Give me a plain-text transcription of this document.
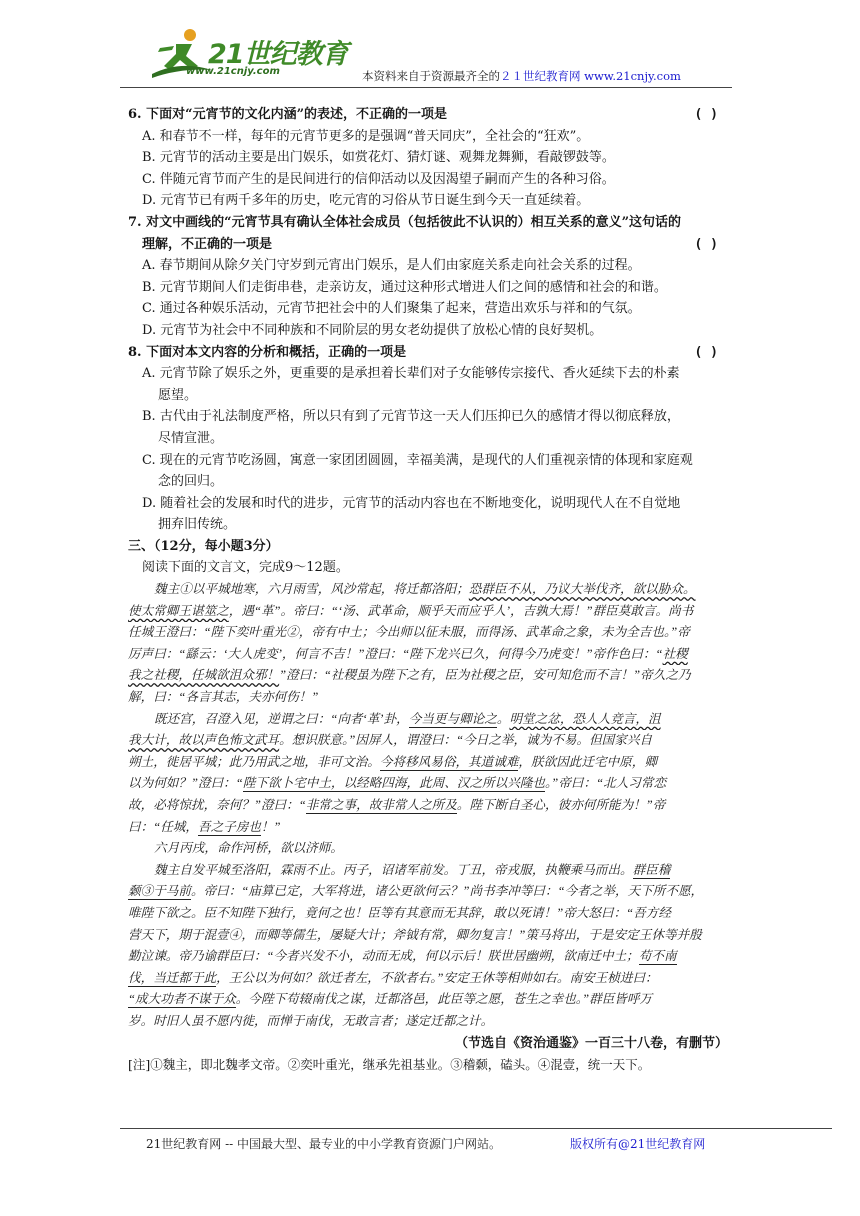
21世纪教育
www.21cnjy.com	本资料来自于资源最齐全的２１世纪教育网 www.21cnjy.com
6. 下面对“元宵节的文化内涵”的表述，不正确的一项是	( )
A. 和春节不一样，每年的元宵节更多的是强调“普天同庆”，全社会的“狂欢”。
B. 元宵节的活动主要是出门娱乐，如赏花灯、猜灯谜、观舞龙舞狮，看敲锣鼓等。
C. 伴随元宵节而产生的是民间进行的信仰活动以及因渴望子嗣而产生的各种习俗。
D. 元宵节已有两千多年的历史，吃元宵的习俗从节日诞生到今天一直延续着。
7. 对文中画线的“元宵节具有确认全体社会成员（包括彼此不认识的）相互关系的意义”这句话的
理解，不正确的一项是	( )
A. 春节期间从除夕关门守岁到元宵出门娱乐，是人们由家庭关系走向社会关系的过程。
B. 元宵节期间人们走街串巷，走亲访友，通过这种形式增进人们之间的感情和社会的和谐。
C. 通过各种娱乐活动，元宵节把社会中的人们聚集了起来，营造出欢乐与祥和的气氛。
D. 元宵节为社会中不同种族和不同阶层的男女老幼提供了放松心情的良好契机。
8. 下面对本文内容的分析和概括，正确的一项是	( )
A. 元宵节除了娱乐之外，更重要的是承担着长辈们对子女能够传宗接代、香火延续下去的朴素
愿望。
B. 古代由于礼法制度严格，所以只有到了元宵节这一天人们压抑已久的感情才得以彻底释放，
尽情宣泄。
C. 现在的元宵节吃汤圆，寓意一家团团圆圆，幸福美满，是现代的人们重视亲情的体现和家庭观
念的回归。
D. 随着社会的发展和时代的进步，元宵节的活动内容也在不断地变化，说明现代人在不自觉地
拥弃旧传统。
三、（12分，每小题3分）
阅读下面的文言文，完成9～12题。
魏主①以平城地寒，六月雨雪，风沙常起，将迁都洛阳；恐群臣不从，乃议大举伐齐，欲以胁众。
使太常卿王谌筮之，遇“革”。帝曰：“‘汤、武革命，顺乎天而应乎人’，吉孰大焉！”群臣莫敢言。尚书
任城王澄曰：“陛下奕叶重光②，帝有中土；今出师以征未服，而得汤、武革命之象，未为全吉也。”帝
厉声曰：“繇云：‘大人虎变’，何言不吉！”澄曰：“陛下龙兴已久，何得今乃虎变！”帝作色曰：“社稷
我之社稷，任城欲沮众邪！”澄曰：“社稷虽为陛下之有，臣为社稷之臣，安可知危而不言！”帝久之乃
解，曰：“各言其志，夫亦何伤！”
既还宫，召澄入见，逆谓之曰：“向者‘革’卦，今当更与卿论之。明堂之忿，恐人人竞言，沮
我大计，故以声色怖文武耳。想识朕意。”因屏人，谓澄曰：“今日之举，诚为不易。但国家兴自
朔土，徙居平城；此乃用武之地，非可文治。今将移风易俗，其道诚难，朕欲因此迁宅中原，卿
以为何如？”澄曰：“陛下欲卜宅中土，以经略四海，此周、汉之所以兴隆也。”帝曰：“北人习常恋
故，必将惊扰，奈何？”澄曰：“非常之事，故非常人之所及。陛下断自圣心，彼亦何所能为！”帝
曰：“任城，吾之子房也！”
六月丙戌，命作河桥，欲以济师。
魏主自发平城至洛阳，霖雨不止。丙子，诏诸军前发。丁丑，帝戎服，执鞭乘马而出。群臣稽
颡③于马前。帝曰：“庙算已定，大军将进，诸公更欲何云？”尚书李冲等曰：“今者之举，天下所不愿，
唯陛下欲之。臣不知陛下独行，竟何之也！臣等有其意而无其辞，敢以死请！”帝大怒曰：“吾方经
营天下，期于混壹④，而卿等儒生，屡疑大计；斧钺有常，卿勿复言！”策马将出，于是安定王休等并殷
勤泣谏。帝乃谕群臣曰：“今者兴发不小，动而无成，何以示后！朕世居幽朔，欲南迁中土；苟不南
伐，当迁都于此，王公以为何如？欲迁者左，不欲者右。”安定王休等相帅如右。南安王桢进曰：
“成大功者不谋于众。今陛下苟辍南伐之谋，迁都洛邑，此臣等之愿，苍生之幸也。”群臣皆呼万
岁。时旧人虽不愿内徙，而惮于南伐，无敢言者；遂定迁都之计。
（节选自《资治通鉴》一百三十八卷，有删节）
[注]①魏主，即北魏孝文帝。②奕叶重光，继承先祖基业。③稽颡，磕头。④混壹，统一天下。
21世纪教育网 -- 中国最大型、最专业的中小学教育资源门户网站。	版权所有@21世纪教育网
